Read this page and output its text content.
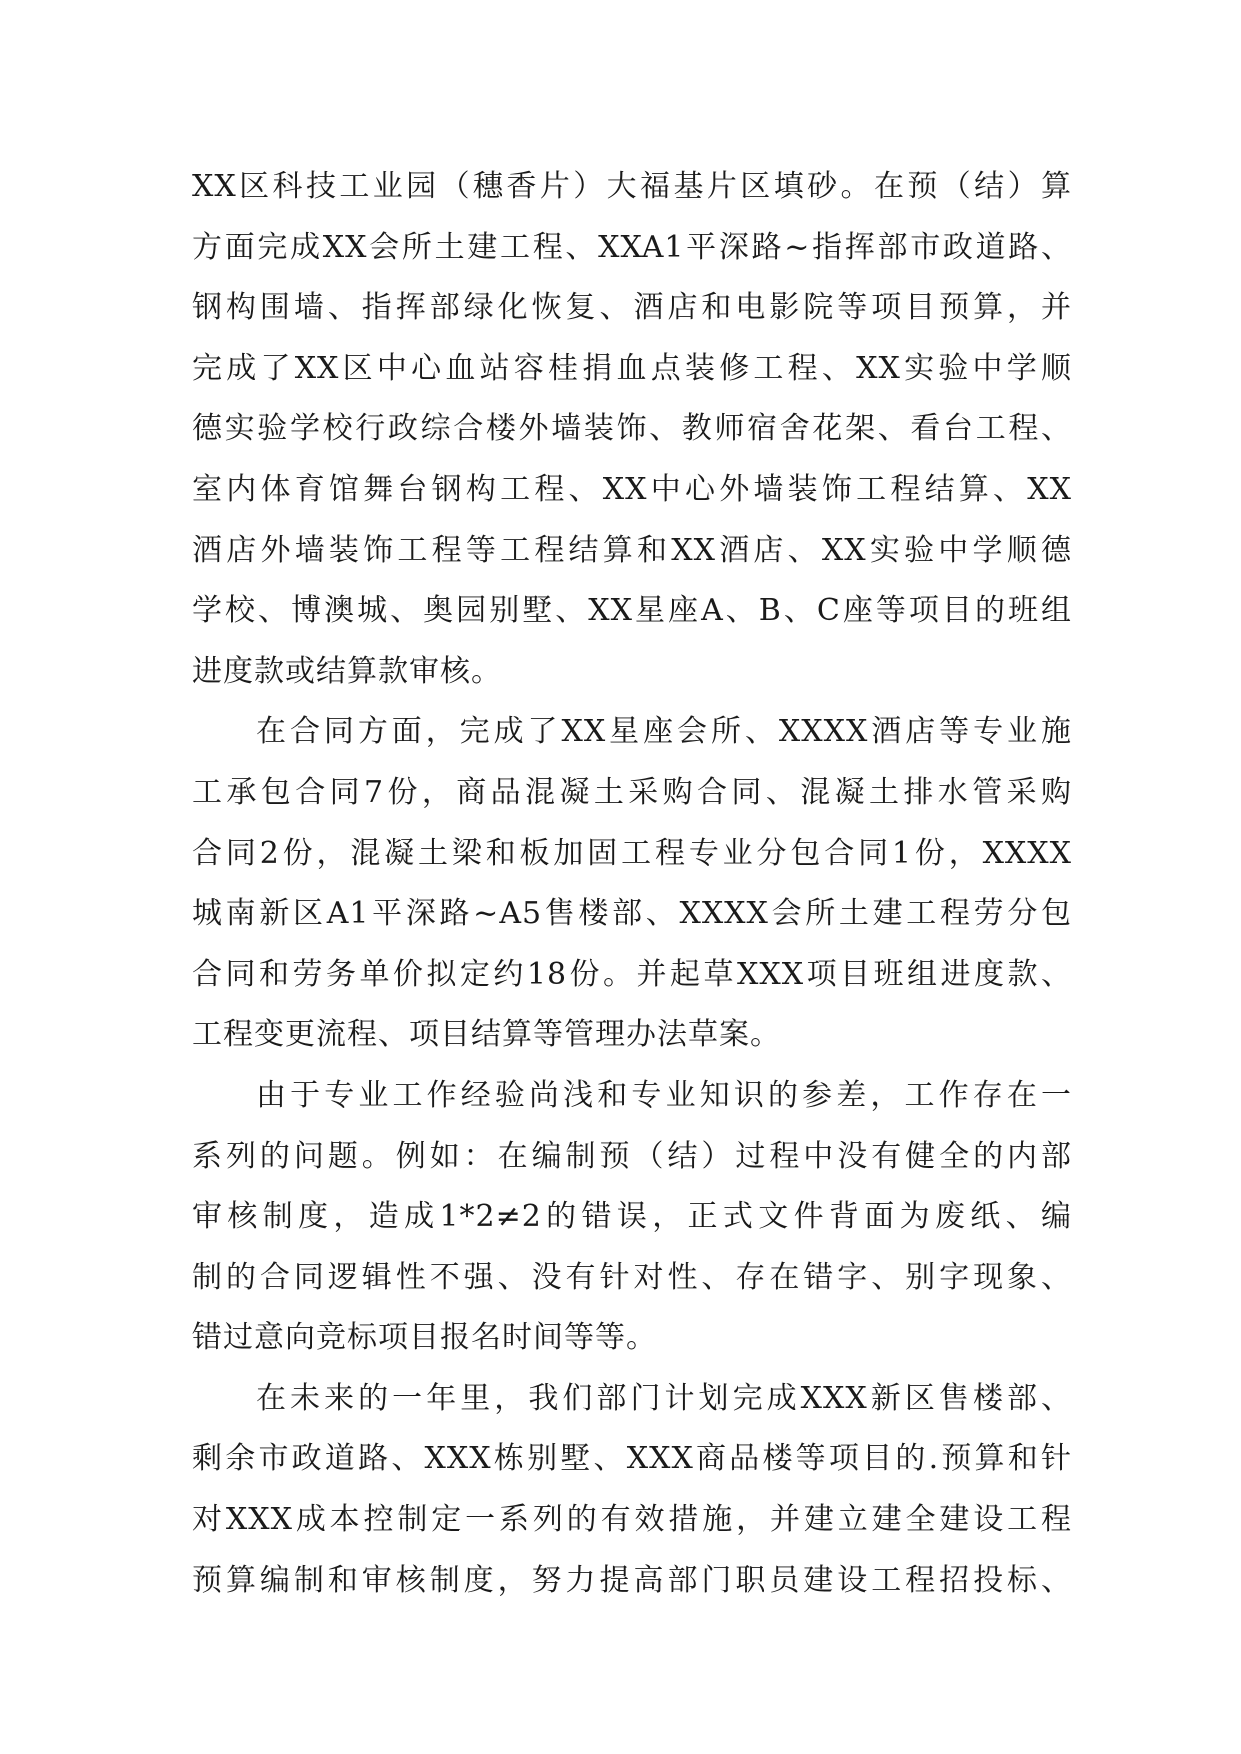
XX区科技工业园（穗香片）大福基片区填砂。在预（结）算
方面完成XX会所土建工程、XXA1平深路~指挥部市政道路、
钢构围墙、指挥部绿化恢复、酒店和电影院等项目预算，并
完成了XX区中心血站容桂捐血点装修工程、XX实验中学顺
德实验学校行政综合楼外墙装饰、教师宿舍花架、看台工程、
室内体育馆舞台钢构工程、XX中心外墙装饰工程结算、XX
酒店外墙装饰工程等工程结算和XX酒店、XX实验中学顺德
学校、博澳城、奥园别墅、XX星座A、B、C座等项目的班组
进度款或结算款审核。
在合同方面，完成了XX星座会所、XXXX酒店等专业施
工承包合同7份，商品混凝土采购合同、混凝土排水管采购
合同2份，混凝土梁和板加固工程专业分包合同1份，XXXX
城南新区A1平深路~A5售楼部、XXXX会所土建工程劳分包
合同和劳务单价拟定约18份。并起草XXX项目班组进度款、
工程变更流程、项目结算等管理办法草案。
由于专业工作经验尚浅和专业知识的参差，工作存在一
系列的问题。例如：在编制预（结）过程中没有健全的内部
审核制度，造成1*2≠2的错误，正式文件背面为废纸、编
制的合同逻辑性不强、没有针对性、存在错字、别字现象、
错过意向竞标项目报名时间等等。
在未来的一年里，我们部门计划完成XXX新区售楼部、
剩余市政道路、XXX栋别墅、XXX商品楼等项目的.预算和针
对XXX成本控制定一系列的有效措施，并建立建全建设工程
预算编制和审核制度，努力提高部门职员建设工程招投标、
